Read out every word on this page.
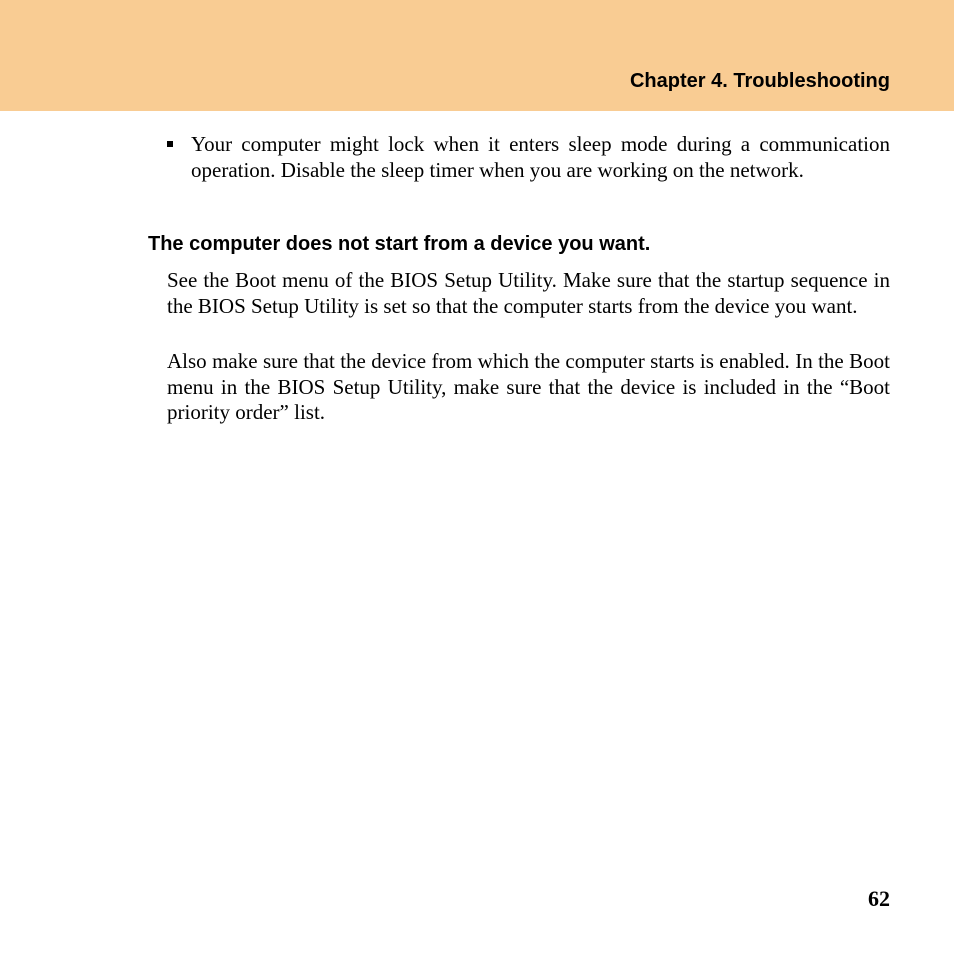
Chapter 4. Troubleshooting
Your computer might lock when it enters sleep mode during a communication operation. Disable the sleep timer when you are working on the network.
The computer does not start from a device you want.

See the Boot menu of the BIOS Setup Utility. Make sure that the startup sequence in the BIOS Setup Utility is set so that the computer starts from the device you want.

Also make sure that the device from which the computer starts is enabled. In the Boot menu in the BIOS Setup Utility, make sure that the device is included in the “Boot priority order” list.

62
